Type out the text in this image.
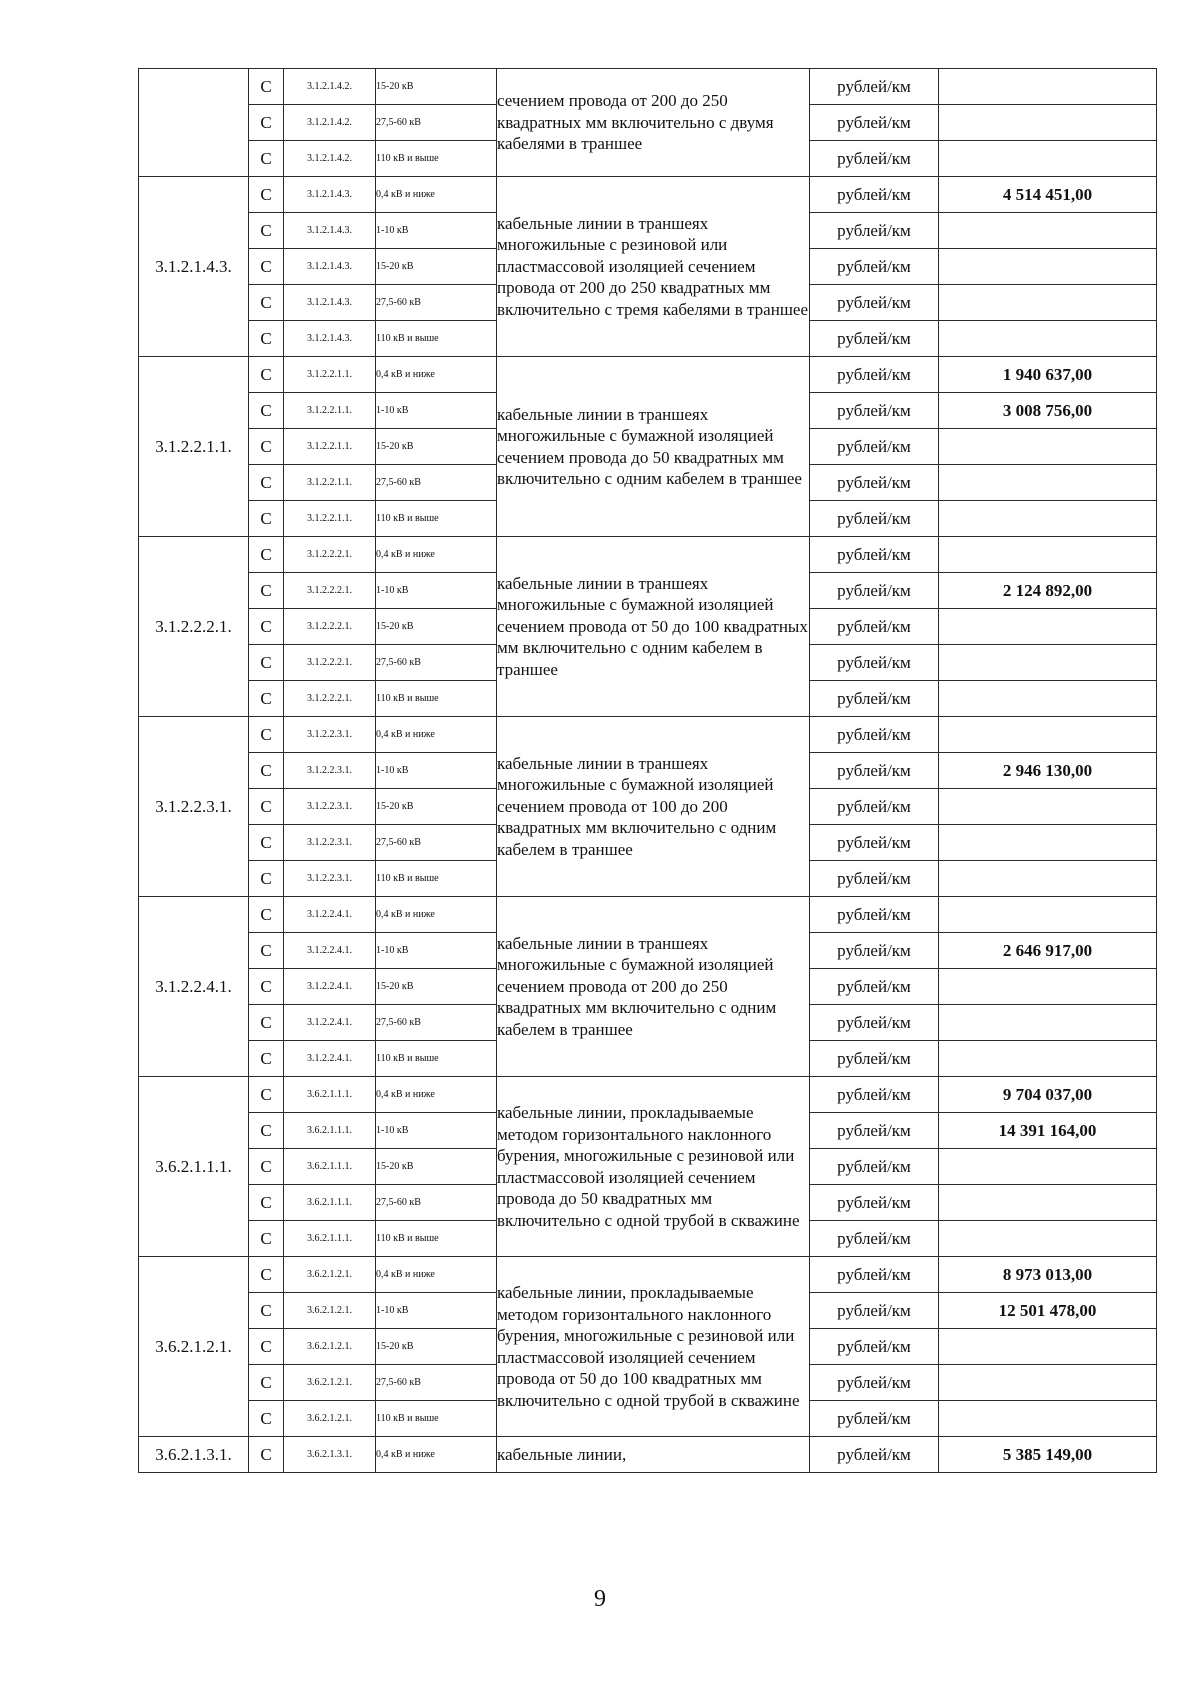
	С	3.1.2.1.4.2.	15-20 кВ	сечением провода от 200 до 250 квадратных мм включительно с двумя кабелями в траншее	рублей/км	
	С	3.1.2.1.4.2.	27,5-60 кВ		рублей/км	
	С	3.1.2.1.4.2.	110 кВ и выше		рублей/км	
3.1.2.1.4.3.	С	3.1.2.1.4.3.	0,4 кВ и ниже	кабельные линии в траншеях многожильные с резиновой или пластмассовой изоляцией сечением провода от 200 до 250 квадратных мм включительно с тремя кабелями в траншее	рублей/км	4 514 451,00
	С	3.1.2.1.4.3.	1-10 кВ		рублей/км	
	С	3.1.2.1.4.3.	15-20 кВ		рублей/км	
	С	3.1.2.1.4.3.	27,5-60 кВ		рублей/км	
	С	3.1.2.1.4.3.	110 кВ и выше		рублей/км	
3.1.2.2.1.1.	С	3.1.2.2.1.1.	0,4 кВ и ниже	кабельные линии в траншеях многожильные с бумажной изоляцией сечением провода до 50 квадратных мм включительно с одним кабелем в траншее	рублей/км	1 940 637,00
	С	3.1.2.2.1.1.	1-10 кВ		рублей/км	3 008 756,00
	С	3.1.2.2.1.1.	15-20 кВ		рублей/км	
	С	3.1.2.2.1.1.	27,5-60 кВ		рублей/км	
	С	3.1.2.2.1.1.	110 кВ и выше		рублей/км	
3.1.2.2.2.1.	С	3.1.2.2.2.1.	0,4 кВ и ниже	кабельные линии в траншеях многожильные с бумажной изоляцией сечением провода от 50 до 100 квадратных мм включительно с одним кабелем в траншее	рублей/км	
	С	3.1.2.2.2.1.	1-10 кВ		рублей/км	2 124 892,00
	С	3.1.2.2.2.1.	15-20 кВ		рублей/км	
	С	3.1.2.2.2.1.	27,5-60 кВ		рублей/км	
	С	3.1.2.2.2.1.	110 кВ и выше		рублей/км	
3.1.2.2.3.1.	С	3.1.2.2.3.1.	0,4 кВ и ниже	кабельные линии в траншеях многожильные с бумажной изоляцией сечением провода от 100 до 200 квадратных мм включительно с одним кабелем в траншее	рублей/км	
	С	3.1.2.2.3.1.	1-10 кВ		рублей/км	2 946 130,00
	С	3.1.2.2.3.1.	15-20 кВ		рублей/км	
	С	3.1.2.2.3.1.	27,5-60 кВ		рублей/км	
	С	3.1.2.2.3.1.	110 кВ и выше		рублей/км	
3.1.2.2.4.1.	С	3.1.2.2.4.1.	0,4 кВ и ниже	кабельные линии в траншеях многожильные с бумажной изоляцией сечением провода от 200 до 250 квадратных мм включительно с одним кабелем в траншее	рублей/км	
	С	3.1.2.2.4.1.	1-10 кВ		рублей/км	2 646 917,00
	С	3.1.2.2.4.1.	15-20 кВ		рублей/км	
	С	3.1.2.2.4.1.	27,5-60 кВ		рублей/км	
	С	3.1.2.2.4.1.	110 кВ и выше		рублей/км	
3.6.2.1.1.1.	С	3.6.2.1.1.1.	0,4 кВ и ниже	кабельные линии, прокладываемые методом горизонтального наклонного бурения, многожильные с резиновой или пластмассовой изоляцией сечением провода до 50 квадратных мм включительно с одной трубой в скважине	рублей/км	9 704 037,00
	С	3.6.2.1.1.1.	1-10 кВ		рублей/км	14 391 164,00
	С	3.6.2.1.1.1.	15-20 кВ		рублей/км	
	С	3.6.2.1.1.1.	27,5-60 кВ		рублей/км	
	С	3.6.2.1.1.1.	110 кВ и выше		рублей/км	
3.6.2.1.2.1.	С	3.6.2.1.2.1.	0,4 кВ и ниже	кабельные линии, прокладываемые методом горизонтального наклонного бурения, многожильные с резиновой или пластмассовой изоляцией сечением провода от 50 до 100 квадратных мм включительно с одной трубой в скважине	рублей/км	8 973 013,00
	С	3.6.2.1.2.1.	1-10 кВ		рублей/км	12 501 478,00
	С	3.6.2.1.2.1.	15-20 кВ		рублей/км	
	С	3.6.2.1.2.1.	27,5-60 кВ		рублей/км	
	С	3.6.2.1.2.1.	110 кВ и выше		рублей/км	
3.6.2.1.3.1.	С	3.6.2.1.3.1.	0,4 кВ и ниже	кабельные линии,	рублей/км	5 385 149,00
9
